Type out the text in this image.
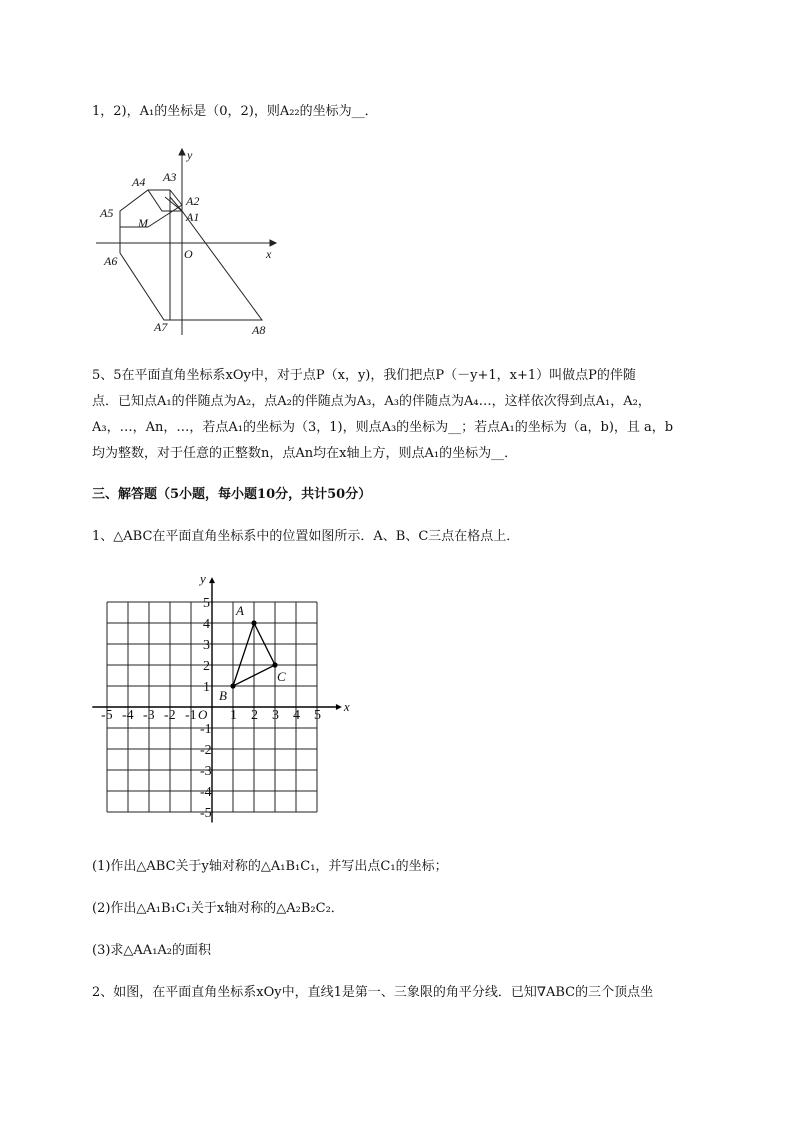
1，2)，A₁的坐标是（0，2)，则A₂₂的坐标为__．
A4 A3
A2
A1
A5
M
O	x
y
A6
A7	A8
5、5在平面直角坐标系xOy中，对于点P（x，y)，我们把点P（－y+1，x+1）叫做点P的伴随
点．已知点A₁的伴随点为A₂，点A₂的伴随点为A₃，A₃的伴随点为A₄…，这样依次得到点A₁，A₂，
A₃，…，An，…，若点A₁的坐标为（3，1)，则点A₃的坐标为__；若点A₁的坐标为（a，b)，且 a，b
均为整数，对于任意的正整数n，点An均在x轴上方，则点A₁的坐标为__．
三、解答题（5小题，每小题10分，共计50分）
1、△ABC在平面直角坐标系中的位置如图所示．A、B、C三点在格点上．
-5 -4 -3 -2 -1 1 2 3 4 5
5
4
3
2
1
-1
-2
-3
-4
-5
O
x
y
A
B
C
(1)作出△ABC关于y轴对称的△A₁B₁C₁，并写出点C₁的坐标；
(2)作出△A₁B₁C₁关于x轴对称的△A₂B₂C₂．
(3)求△AA₁A₂的面积
2、如图，在平面直角坐标系xOy中，直线1是第一、三象限的角平分线．已知∇ABC的三个顶点坐
